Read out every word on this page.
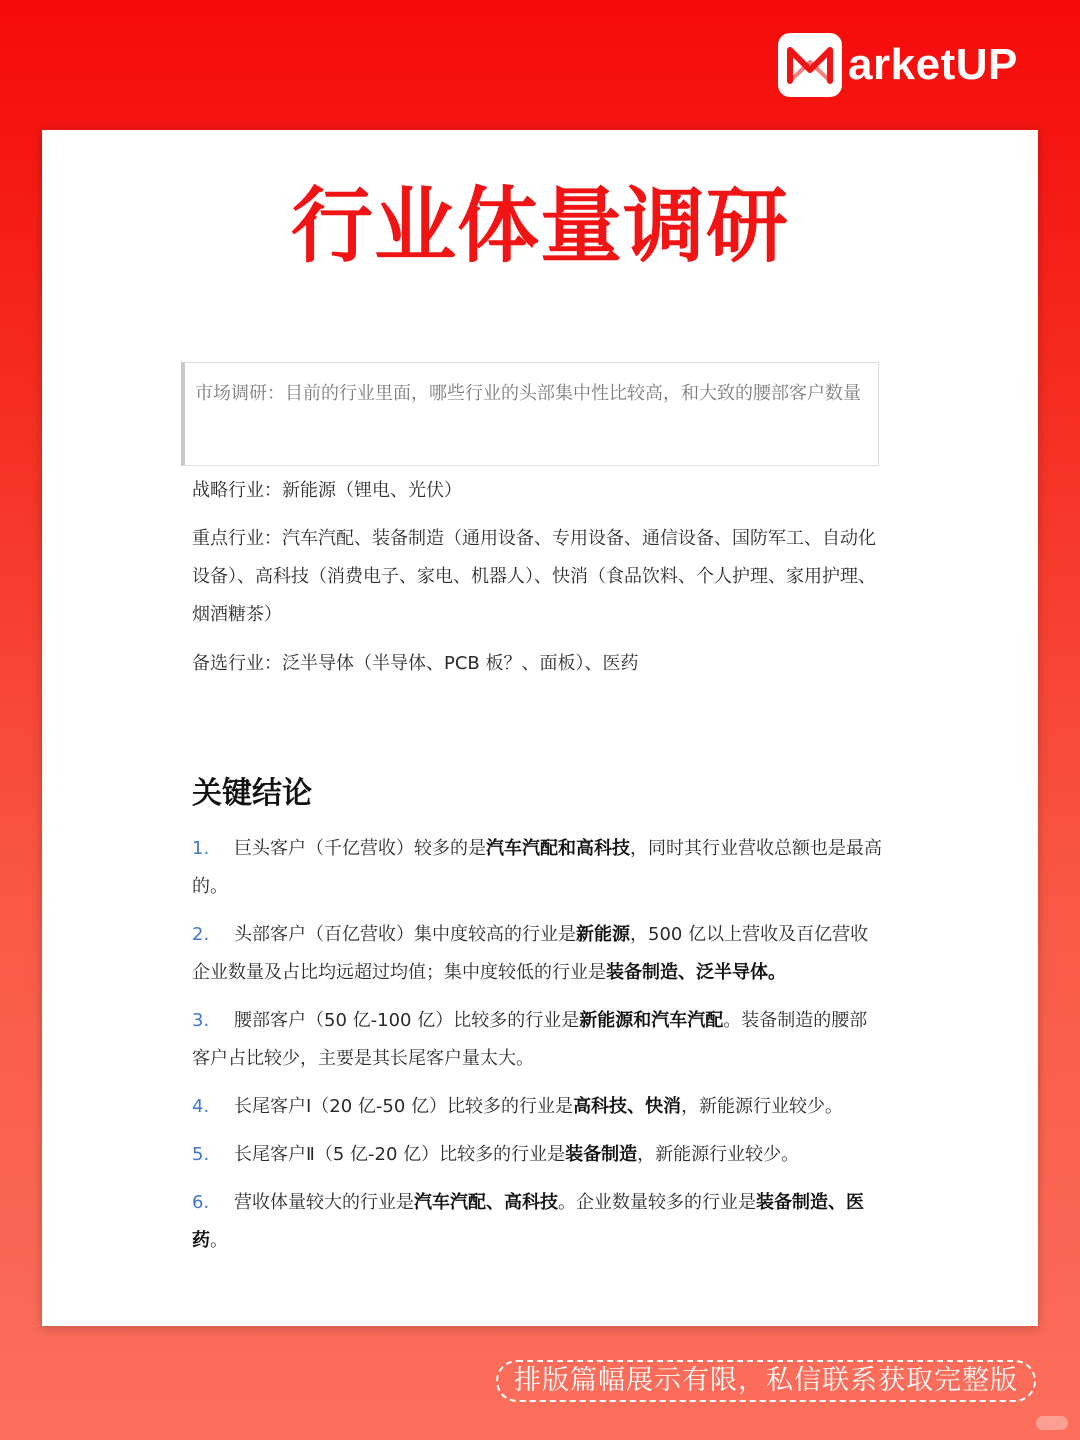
arketUP
行业体量调研
市场调研：目前的行业里面，哪些行业的头部集中性比较高，和大致的腰部客户数量
战略行业：新能源（锂电、光伏）
重点行业：汽车汽配、装备制造（通用设备、专用设备、通信设备、国防军工、自动化设备）、高科技（消费电子、家电、机器人）、快消（食品饮料、个人护理、家用护理、烟酒糖茶）
备选行业：泛半导体（半导体、PCB 板？、面板）、医药
关键结论
1. 巨头客户（千亿营收）较多的是汽车汽配和高科技，同时其行业营收总额也是最高的。
2. 头部客户（百亿营收）集中度较高的行业是新能源，500 亿以上营收及百亿营收企业数量及占比均远超过均值；集中度较低的行业是装备制造、泛半导体。
3. 腰部客户（50 亿-100 亿）比较多的行业是新能源和汽车汽配。装备制造的腰部客户占比较少，主要是其长尾客户量太大。
4. 长尾客户Ⅰ（20 亿-50 亿）比较多的行业是高科技、快消，新能源行业较少。
5. 长尾客户Ⅱ（5 亿-20 亿）比较多的行业是装备制造，新能源行业较少。
6. 营收体量较大的行业是汽车汽配、高科技。企业数量较多的行业是装备制造、医药。
排版篇幅展示有限，私信联系获取完整版
